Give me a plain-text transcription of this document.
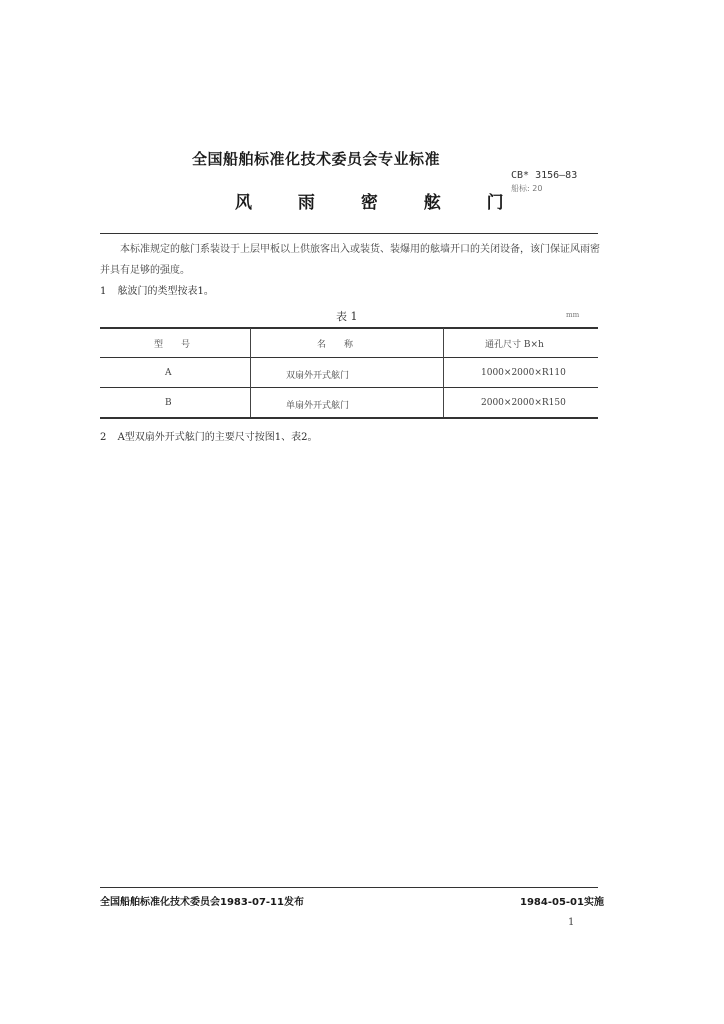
全国船舶标准化技术委员会专业标准
CB* 3156—83
船标: 20
风 雨 密 舷 门
本标准规定的舷门系装设于上层甲板以上供旅客出入或装货、装爆用的舷墙开口的关闭设备，该门保证风雨密并具有足够的强度。
1 舷波门的类型按表1。
表 1	mm
型　　号	名　　称	通孔尺寸 B×h
A	双扇外开式舷门	1000×2000×R110
B	单扇外开式舷门	2000×2000×R150
2 A型双扇外开式舷门的主要尺寸按图1、表2。
全国船舶标准化技术委员会1983-07-11发布	1984-05-01实施
1
